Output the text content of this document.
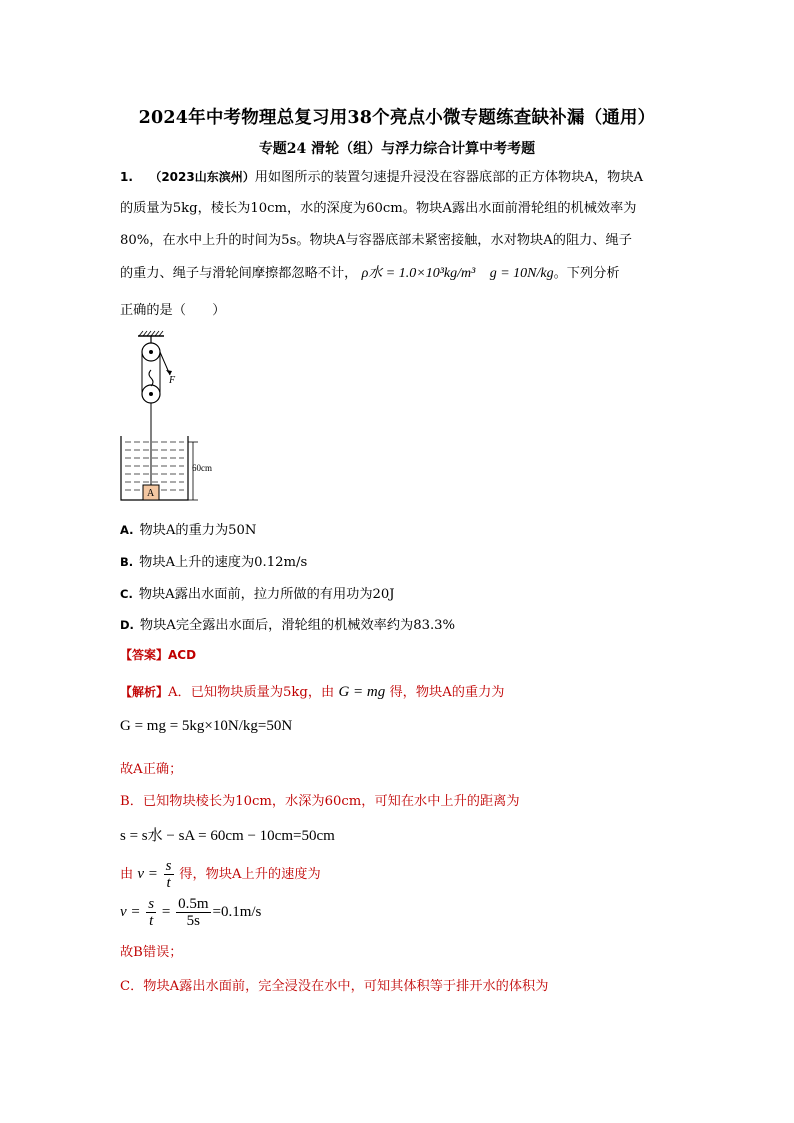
2024年中考物理总复习用38个亮点小微专题练查缺补漏（通用）
专题24 滑轮（组）与浮力综合计算中考考题
1. （2023山东滨州）用如图所示的装置匀速提升浸没在容器底部的正方体物块A，物块A
的质量为5kg，棱长为10cm，水的深度为60cm。物块A露出水面前滑轮组的机械效率为
80%，在水中上升的时间为5s。物块A与容器底部未紧密接触，水对物块A的阻力、绳子
的重力、绳子与滑轮间摩擦都忽略不计， ρ水 = 1.0×10³kg/m³ g = 10N/kg。下列分析
正确的是（　　）
F
A
60cm
A. 物块A的重力为50N
B. 物块A上升的速度为0.12m/s
C. 物块A露出水面前，拉力所做的有用功为20J
D. 物块A完全露出水面后，滑轮组的机械效率约为83.3%
【答案】ACD
【解析】A．已知物块质量为5kg，由 G = mg 得，物块A的重力为
G = mg = 5kg×10N/kg=50N
故A正确；
B．已知物块棱长为10cm，水深为60cm，可知在水中上升的距离为
s = s水 − sA = 60cm − 10cm=50cm
由 $v = \frac{s}{t}$ 得，物块A上升的速度为
$v = \frac{s}{t} = \frac{0.5m}{5s} =0.1m/s$
故B错误；
C．物块A露出水面前，完全浸没在水中，可知其体积等于排开水的体积为
